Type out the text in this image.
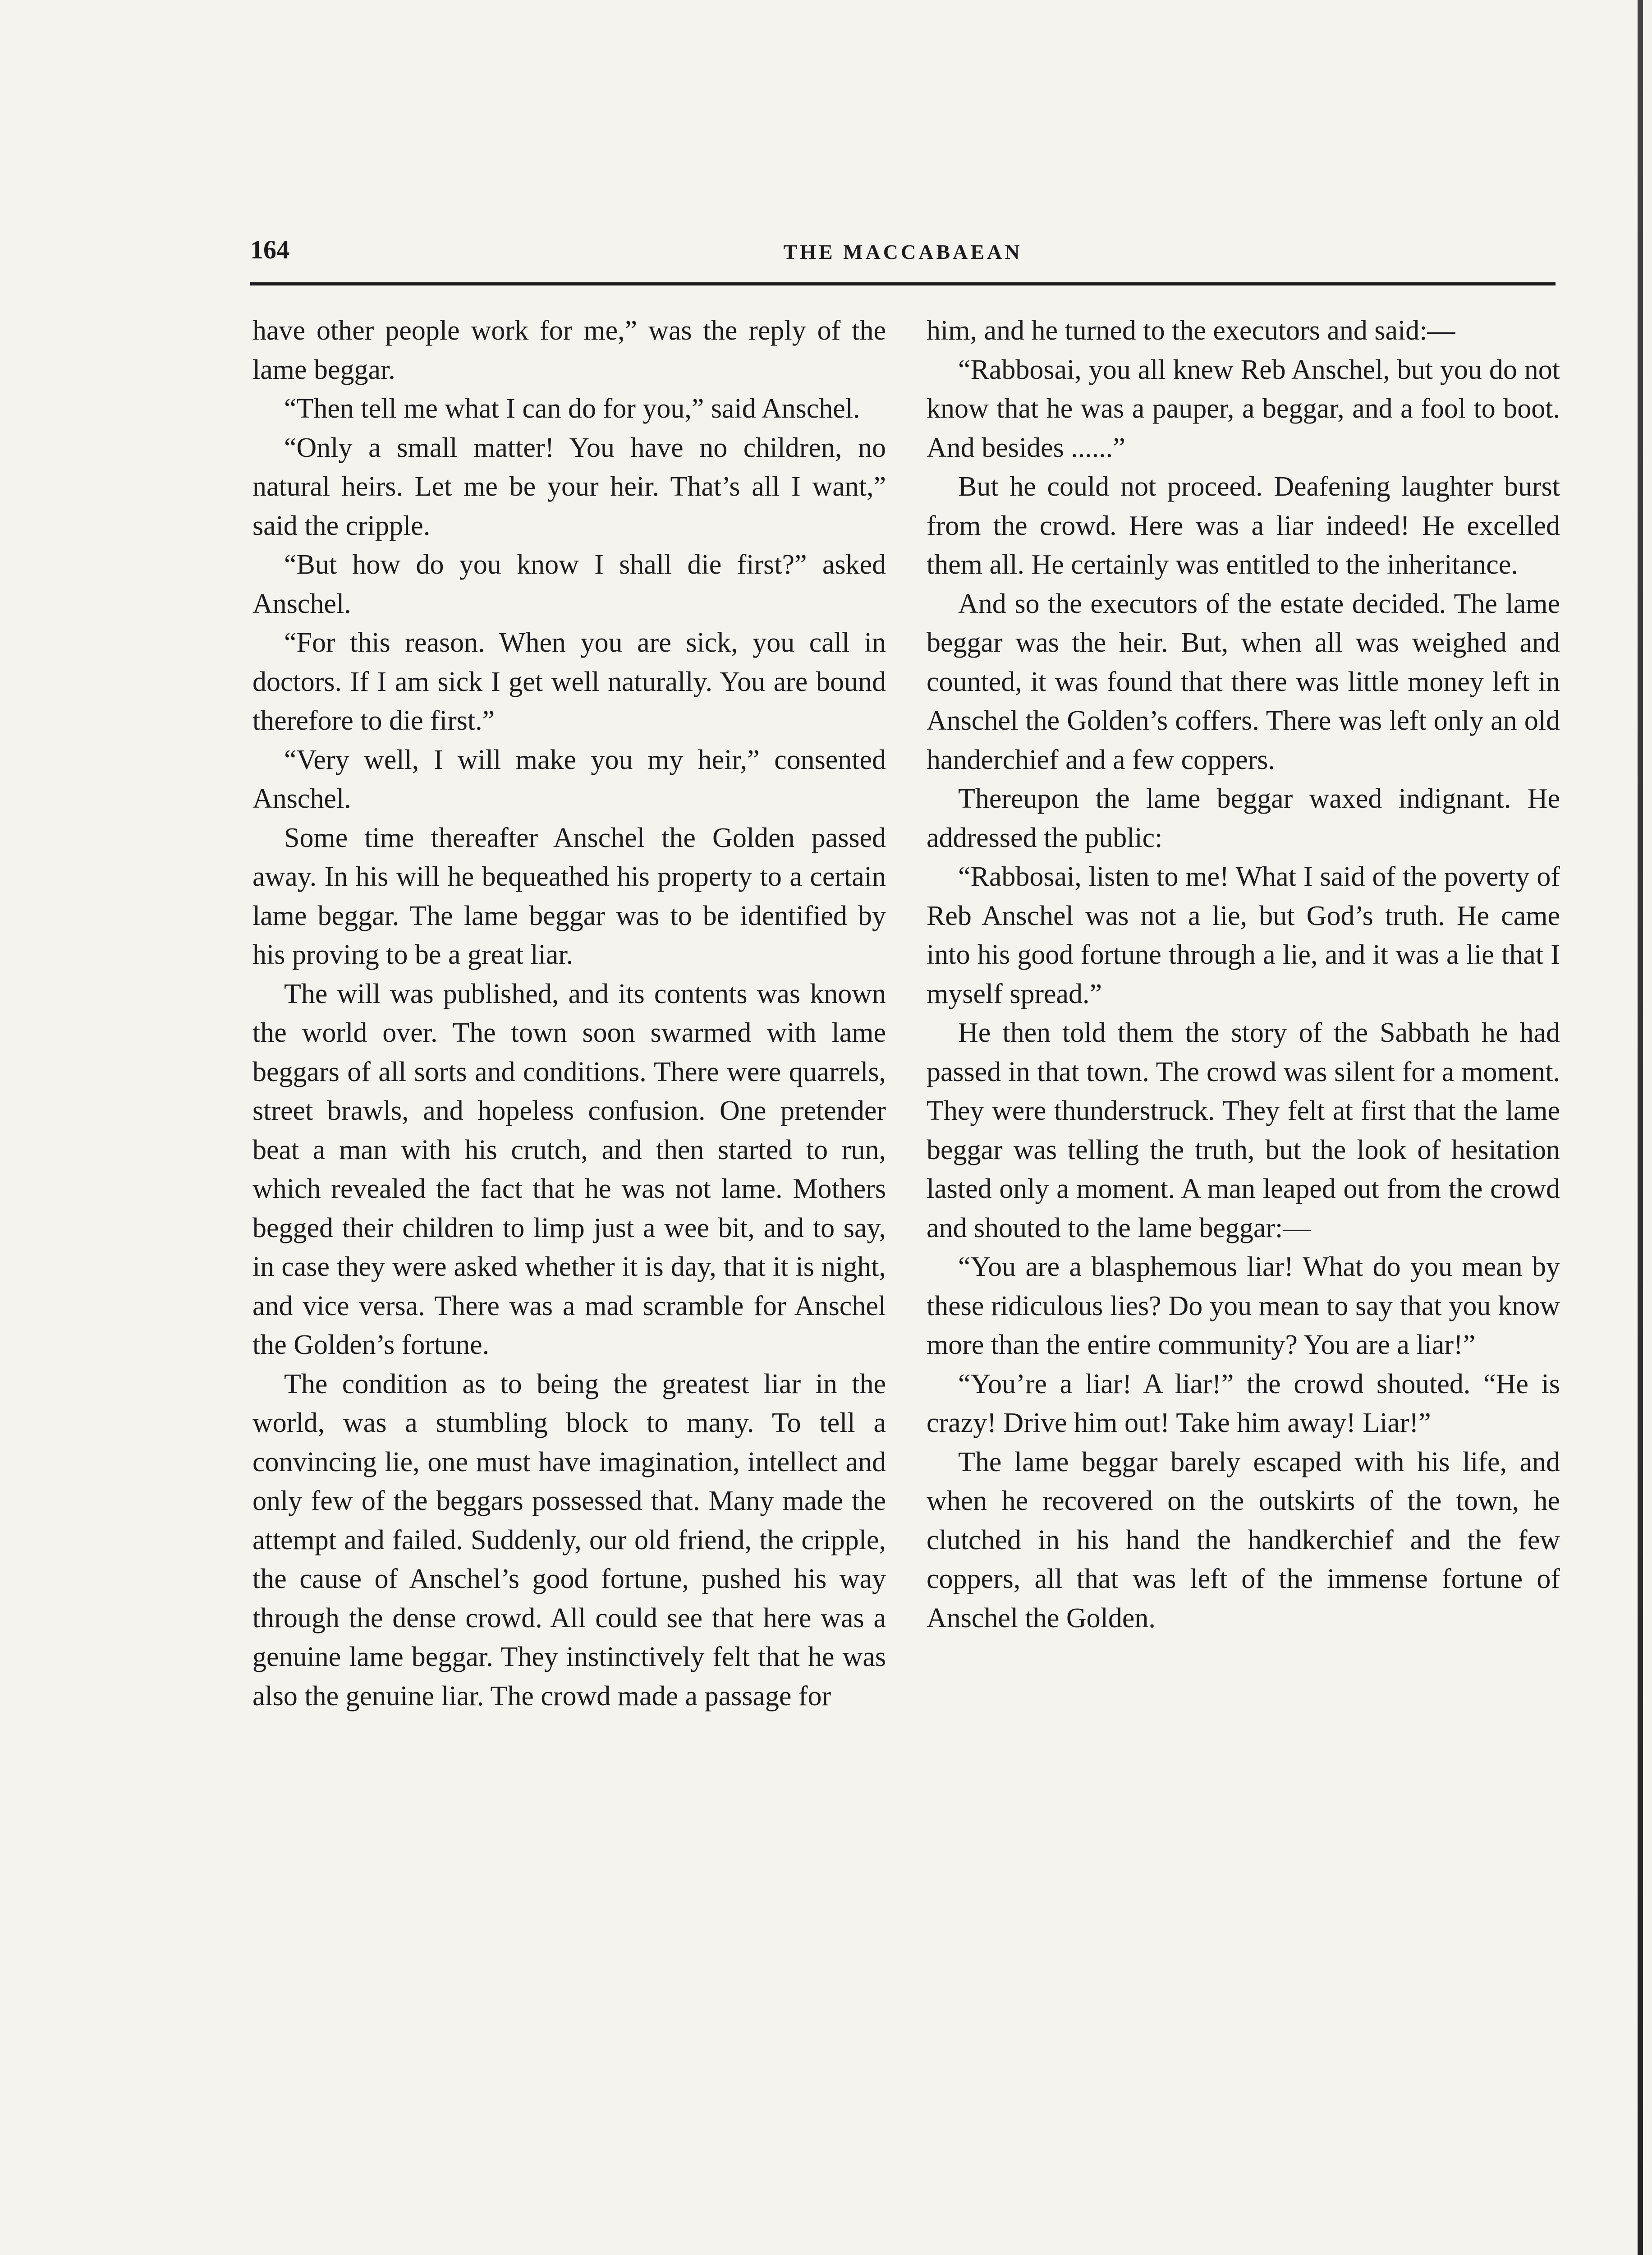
164	THE MACCABAEAN

have other people work for me,” was the reply of the lame beggar.

“Then tell me what I can do for you,” said Anschel.

“Only a small matter! You have no children, no natural heirs. Let me be your heir. That’s all I want,” said the cripple.

“But how do you know I shall die first?” asked Anschel.

“For this reason. When you are sick, you call in doctors. If I am sick I get well naturally. You are bound therefore to die first.”

“Very well, I will make you my heir,” consented Anschel.

Some time thereafter Anschel the Golden passed away. In his will he bequeathed his property to a certain lame beggar. The lame beggar was to be identified by his proving to be a great liar.

The will was published, and its contents was known the world over. The town soon swarmed with lame beggars of all sorts and conditions. There were quarrels, street brawls, and hopeless confusion. One pretender beat a man with his crutch, and then started to run, which revealed the fact that he was not lame. Mothers begged their children to limp just a wee bit, and to say, in case they were asked whether it is day, that it is night, and vice versa. There was a mad scramble for Anschel the Golden’s fortune.

The condition as to being the greatest liar in the world, was a stumbling block to many. To tell a convincing lie, one must have imagination, intellect and only few of the beggars possessed that. Many made the attempt and failed. Suddenly, our old friend, the cripple, the cause of Anschel’s good fortune, pushed his way through the dense crowd. All could see that here was a genuine lame beggar. They instinctively felt that he was also the genuine liar. The crowd made a passage for

him, and he turned to the executors and said:—

“Rabbosai, you all knew Reb Anschel, but you do not know that he was a pauper, a beggar, and a fool to boot. And besides ......”

But he could not proceed. Deafening laughter burst from the crowd. Here was a liar indeed! He excelled them all. He certainly was entitled to the inheritance.

And so the executors of the estate decided. The lame beggar was the heir. But, when all was weighed and counted, it was found that there was little money left in Anschel the Golden’s coffers. There was left only an old handerchief and a few coppers.

Thereupon the lame beggar waxed indignant. He addressed the public:

“Rabbosai, listen to me! What I said of the poverty of Reb Anschel was not a lie, but God’s truth. He came into his good fortune through a lie, and it was a lie that I myself spread.”

He then told them the story of the Sabbath he had passed in that town. The crowd was silent for a moment. They were thunderstruck. They felt at first that the lame beggar was telling the truth, but the look of hesitation lasted only a moment. A man leaped out from the crowd and shouted to the lame beggar:—

“You are a blasphemous liar! What do you mean by these ridiculous lies? Do you mean to say that you know more than the entire community? You are a liar!”

“You’re a liar! A liar!” the crowd shouted. “He is crazy! Drive him out! Take him away! Liar!”

The lame beggar barely escaped with his life, and when he recovered on the outskirts of the town, he clutched in his hand the handkerchief and the few coppers, all that was left of the immense fortune of Anschel the Golden.
